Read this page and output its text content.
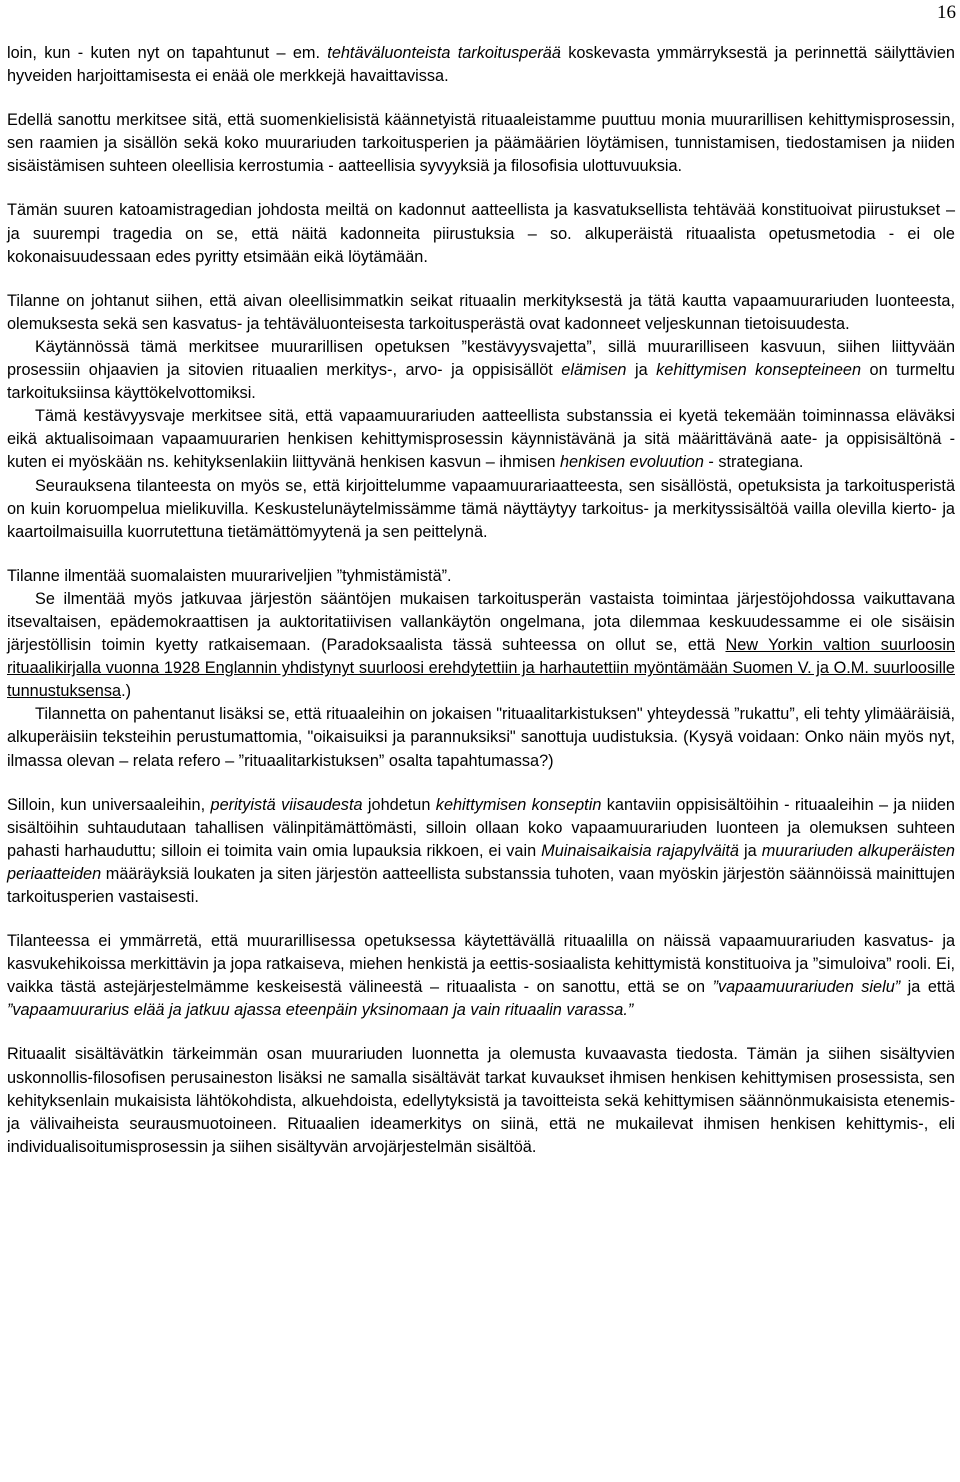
16

loin, kun - kuten nyt on tapahtunut – em. tehtäväluonteista tarkoitusperää koskevasta ymmärryksestä ja perinnettä säilyttävien hyveiden harjoittamisesta ei enää ole merkkejä havaittavissa.

Edellä sanottu merkitsee sitä, että suomenkielisistä käännetyistä rituaaleistamme puuttuu monia muurarillisen kehittymisprosessin, sen raamien ja sisällön sekä koko muurariuden tarkoitusperien ja päämäärien löytämisen, tunnistamisen, tiedostamisen ja niiden sisäistämisen suhteen oleellisia kerrostumia - aatteellisia syvyyksiä ja filosofisia ulottuvuuksia.

Tämän suuren katoamistragedian johdosta meiltä on kadonnut aatteellista ja kasvatuksellista tehtävää konstituoivat piirustukset – ja suurempi tragedia on se, että näitä kadonneita piirustuksia – so. alkuperäistä rituaalista opetusmetodia - ei ole kokonaisuudessaan edes pyritty etsimään eikä löytämään.

Tilanne on johtanut siihen, että aivan oleellisimmatkin seikat rituaalin merkityksestä ja tätä kautta vapaamuurariuden luonteesta, olemuksesta sekä sen kasvatus- ja tehtäväluonteisesta tarkoitusperästä ovat kadonneet veljeskunnan tietoisuudesta.

Käytännössä tämä merkitsee muurarillisen opetuksen ”kestävyysvajetta”, sillä muurarilliseen kasvuun, siihen liittyvään prosessiin ohjaavien ja sitovien rituaalien merkitys-, arvo- ja oppisisällöt elämisen ja kehittymisen konsepteineen on turmeltu tarkoituksiinsa käyttökelvottomiksi.

Tämä kestävyysvaje merkitsee sitä, että vapaamuurariuden aatteellista substanssia ei kyetä tekemään toiminnassa eläväksi eikä aktualisoimaan vapaamuurarien henkisen kehittymisprosessin käynnistävänä ja sitä määrittävänä aate- ja oppisisältönä - kuten ei myöskään ns. kehityksenlakiin liittyvänä henkisen kasvun – ihmisen henkisen evoluution - strategiana.

Seurauksena tilanteesta on myös se, että kirjoittelumme vapaamuurariaatteesta, sen sisällöstä, opetuksista ja tarkoitusperistä on kuin koruompelua mielikuvilla. Keskustelunäytelmissämme tämä näyttäytyy tarkoitus- ja merkityssisältöä vailla olevilla kierto- ja kaartoilmaisuilla kuorrutettuna tietämättömyytenä ja sen peittelynä.

Tilanne ilmentää suomalaisten muurariveljien ”tyhmistämistä”.

Se ilmentää myös jatkuvaa järjestön sääntöjen mukaisen tarkoitusperän vastaista toimintaa järjestöjohdossa vaikuttavana itsevaltaisen, epädemokraattisen ja auktoritatiivisen vallankäytön ongelmana, jota dilemmaa keskuudessamme ei ole sisäisin järjestöllisin toimin kyetty ratkaisemaan. (Paradoksaalista tässä suhteessa on ollut se, että New Yorkin valtion suurloosin rituaalikirjalla vuonna 1928 Englannin yhdistynyt suurloosi erehdytettiin ja harhautettiin myöntämään Suomen V. ja O.M. suurloosille tunnustuksensa.)

Tilannetta on pahentanut lisäksi se, että rituaaleihin on jokaisen "rituaalitarkistuksen" yhteydessä ”rukattu”, eli tehty ylimääräisiä, alkuperäisiin teksteihin perustumattomia, "oikaisuiksi ja parannuksiksi" sanottuja uudistuksia. (Kysyä voidaan: Onko näin myös nyt, ilmassa olevan – relata refero – ”rituaalitarkistuksen” osalta tapahtumassa?)

Silloin, kun universaaleihin, perityistä viisaudesta johdetun kehittymisen konseptin kantaviin oppisisältöihin - rituaaleihin – ja niiden sisältöihin suhtaudutaan tahallisen välinpitämättömästi, silloin ollaan koko vapaamuurariuden luonteen ja olemuksen suhteen pahasti harhauduttu; silloin ei toimita vain omia lupauksia rikkoen, ei vain Muinaisaikaisia rajapylväitä ja muurariuden alkuperäisten periaatteiden määräyksiä loukaten ja siten järjestön aatteellista substanssia tuhoten, vaan myöskin järjestön säännöissä mainittujen tarkoitusperien vastaisesti.

Tilanteessa ei ymmärretä, että muurarillisessa opetuksessa käytettävällä rituaalilla on näissä vapaamuurariuden kasvatus- ja kasvukehikoissa merkittävin ja jopa ratkaiseva, miehen henkistä ja eettis-sosiaalista kehittymistä konstituoiva ja ”simuloiva” rooli. Ei, vaikka tästä astejärjestelmämme keskeisestä välineestä – rituaalista - on sanottu, että se on ”vapaamuurariuden sielu” ja että ”vapaamuurarius elää ja jatkuu ajassa eteenpäin yksinomaan ja vain rituaalin varassa.”

Rituaalit sisältävätkin tärkeimmän osan muurariuden luonnetta ja olemusta kuvaavasta tiedosta. Tämän ja siihen sisältyvien uskonnollis-filosofisen perusaineston lisäksi ne samalla sisältävät tarkat kuvaukset ihmisen henkisen kehittymisen prosessista, sen kehityksenlain mukaisista lähtökohdista, alkuehdoista, edellytyksistä ja tavoitteista sekä kehittymisen säännönmukaisista etenemis- ja välivaiheista seurausmuotoineen. Rituaalien ideamerkitys on siinä, että ne mukailevat ihmisen henkisen kehittymis-, eli individualisoitumisprosessin ja siihen sisältyvän arvojärjestelmän sisältöä.
